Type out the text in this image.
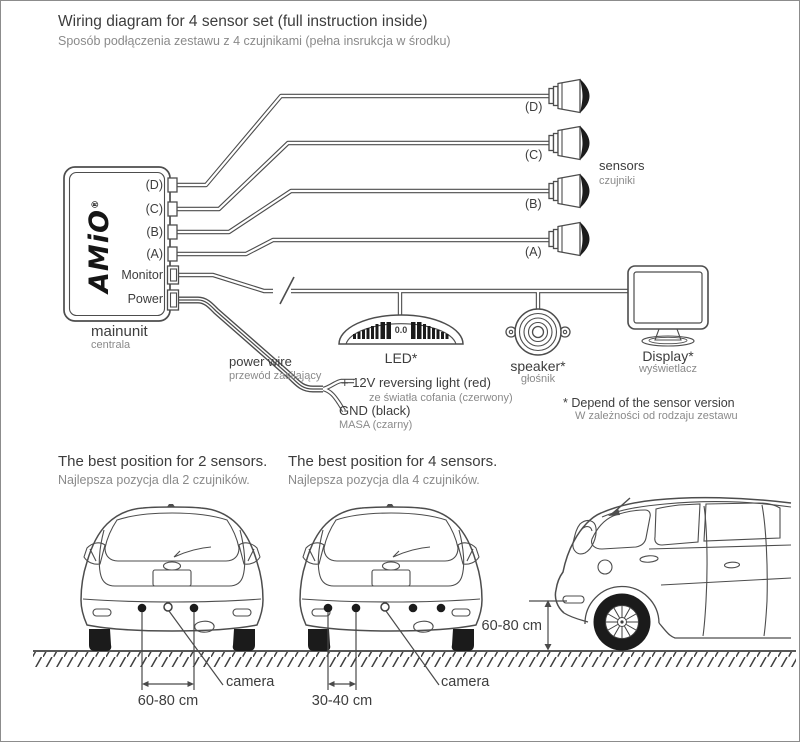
Wiring diagram for 4 sensor set (full instruction inside)
Sposób podłączenia zestawu z 4 czujnikami (pełna insrukcja w środku)
AMiO®
(D)
(C)
(B)
(A)
Monitor
Power
mainunit
centrala
(D)
(C)
(B)
(A)
sensors
czujniki
0.0
LED*	speaker*
głośnik
Display*
wyświetlacz
power wire
przewód zasilający + 12V reversing light (red)
ze światła cofania (czerwony)
GND (black)
MASA (czarny)
* Depend of the sensor version
W zależności od rodzaju zestawu
The best position for 2 sensors.
Najlepsza pozycja dla 2 czujników.
The best position for 4 sensors.
Najlepsza pozycja dla 4 czujników.
60-80 cm
camera
30-40 cm
camera
60-80 cm
